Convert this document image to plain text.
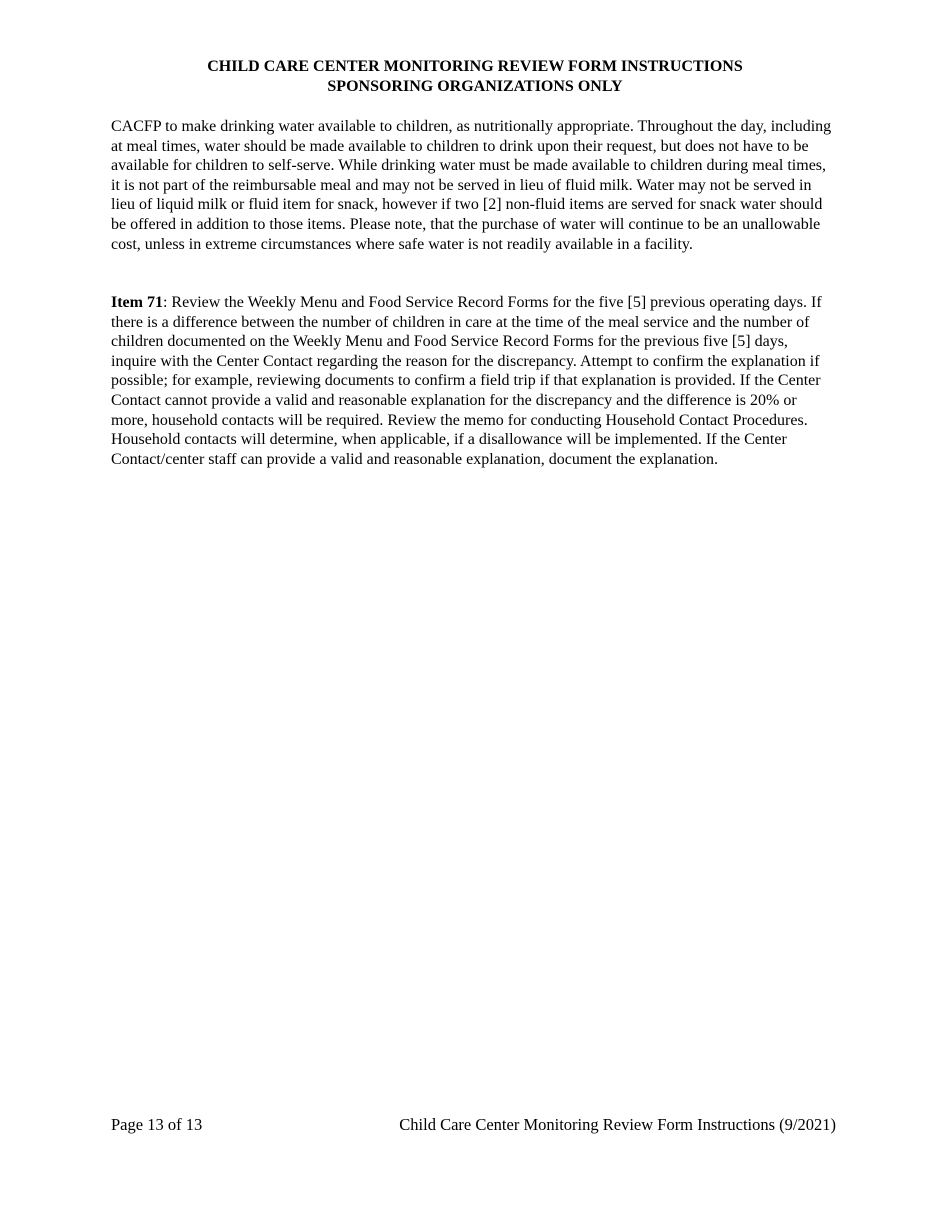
CHILD CARE CENTER MONITORING REVIEW FORM INSTRUCTIONS
SPONSORING ORGANIZATIONS ONLY

CACFP to make drinking water available to children, as nutritionally appropriate. Throughout the day, including at meal times, water should be made available to children to drink upon their request, but does not have to be available for children to self-serve. While drinking water must be made available to children during meal times, it is not part of the reimbursable meal and may not be served in lieu of fluid milk. Water may not be served in lieu of liquid milk or fluid item for snack, however if two [2] non-fluid items are served for snack water should be offered in addition to those items. Please note, that the purchase of water will continue to be an unallowable cost, unless in extreme circumstances where safe water is not readily available in a facility.

Item 71: Review the Weekly Menu and Food Service Record Forms for the five [5] previous operating days. If there is a difference between the number of children in care at the time of the meal service and the number of children documented on the Weekly Menu and Food Service Record Forms for the previous five [5] days, inquire with the Center Contact regarding the reason for the discrepancy. Attempt to confirm the explanation if possible; for example, reviewing documents to confirm a field trip if that explanation is provided. If the Center Contact cannot provide a valid and reasonable explanation for the discrepancy and the difference is 20% or more, household contacts will be required. Review the memo for conducting Household Contact Procedures. Household contacts will determine, when applicable, if a disallowance will be implemented. If the Center Contact/center staff can provide a valid and reasonable explanation, document the explanation.

Page 13 of 13	Child Care Center Monitoring Review Form Instructions (9/2021)
